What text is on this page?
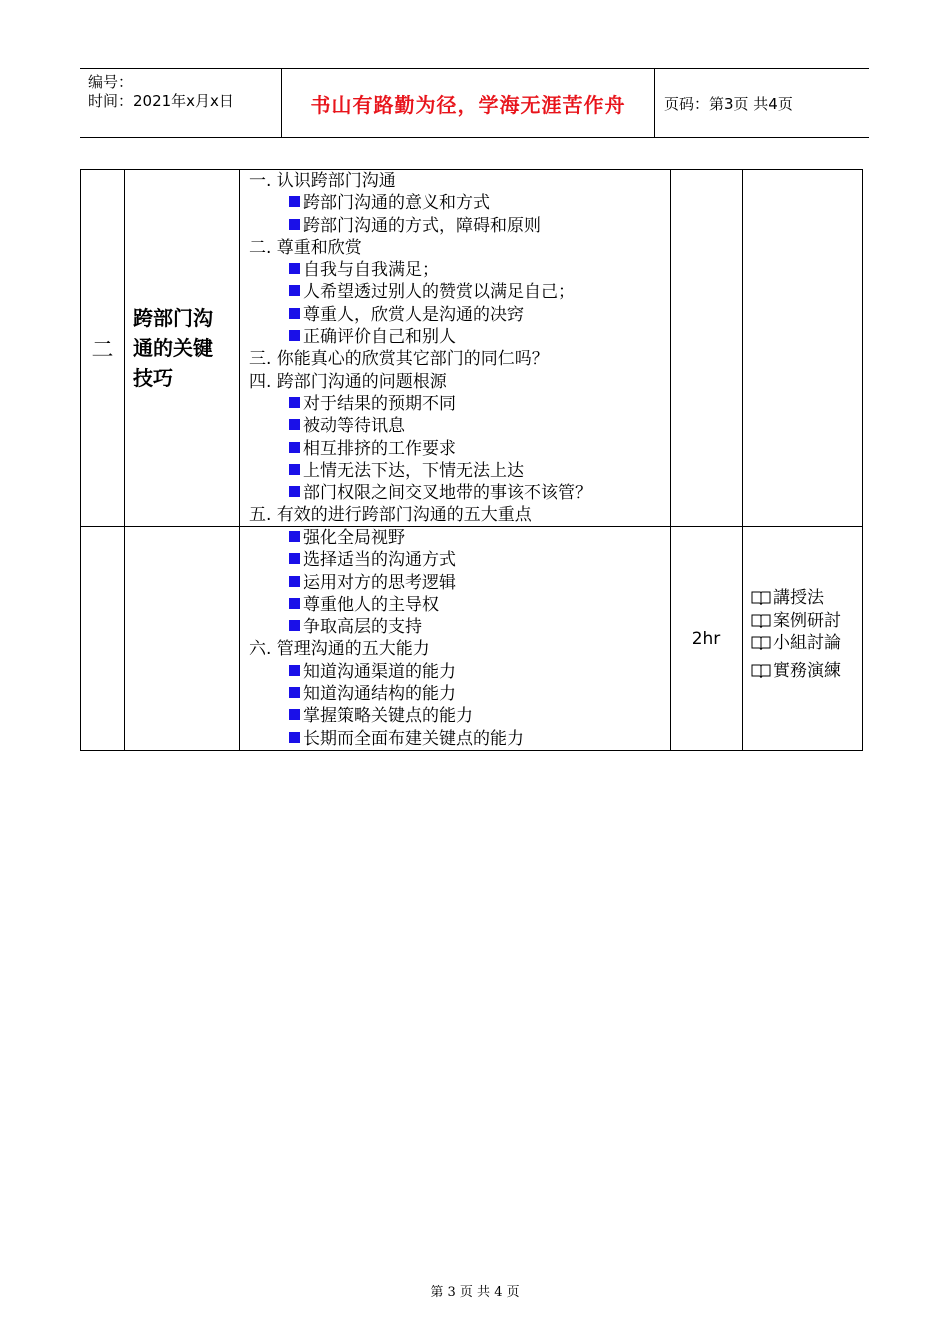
编号：
时间：2021年x月x日	书山有路勤为径，学海无涯苦作舟	页码：第3页 共4页
二
跨部门沟
通的关键
技巧
一. 认识跨部门沟通
跨部门沟通的意义和方式
跨部门沟通的方式，障碍和原则
二. 尊重和欣赏
自我与自我满足；
人希望透过别人的赞赏以满足自己；
尊重人，欣赏人是沟通的决窍
正确评价自己和别人
三. 你能真心的欣赏其它部门的同仁吗？
四. 跨部门沟通的问题根源
对于结果的预期不同
被动等待讯息
相互排挤的工作要求
上情无法下达，下情无法上达
部门权限之间交叉地带的事该不该管？
五. 有效的进行跨部门沟通的五大重点
强化全局视野
选择适当的沟通方式
运用对方的思考逻辑
尊重他人的主导权
争取高层的支持
六. 管理沟通的五大能力
知道沟通渠道的能力
知道沟通结构的能力
掌握策略关键点的能力
长期而全面布建关键点的能力
2hr
講授法
案例研討
小組討論
實務演練
第 3 页 共 4 页
